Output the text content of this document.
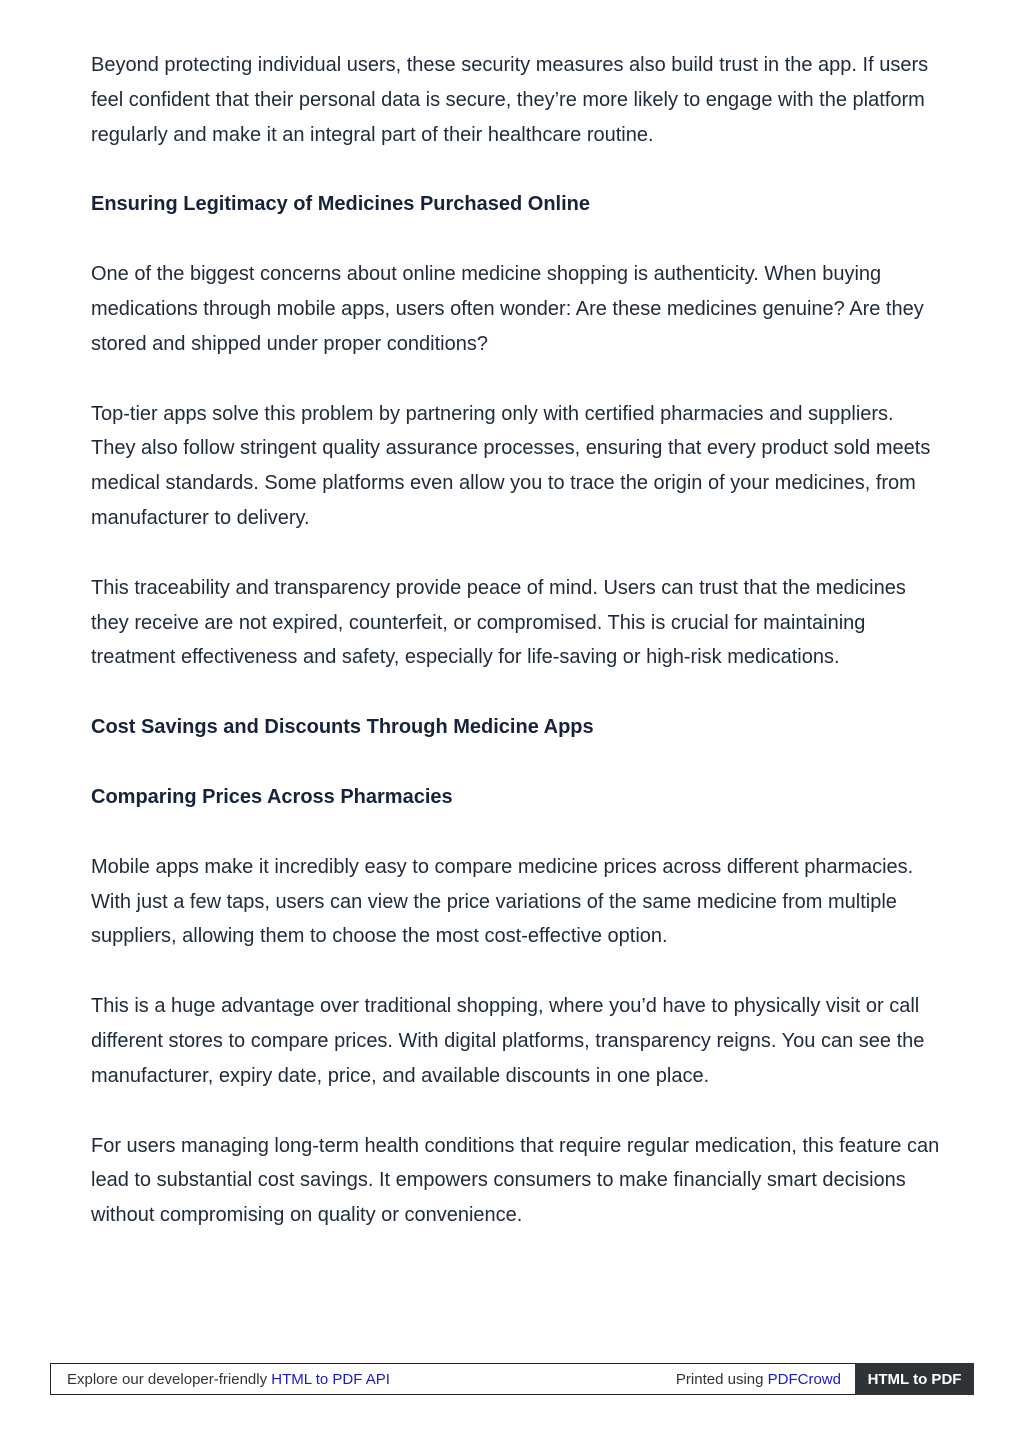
Beyond protecting individual users, these security measures also build trust in the app. If users feel confident that their personal data is secure, they’re more likely to engage with the platform regularly and make it an integral part of their healthcare routine.

Ensuring Legitimacy of Medicines Purchased Online

One of the biggest concerns about online medicine shopping is authenticity. When buying medications through mobile apps, users often wonder: Are these medicines genuine? Are they stored and shipped under proper conditions?

Top-tier apps solve this problem by partnering only with certified pharmacies and suppliers. They also follow stringent quality assurance processes, ensuring that every product sold meets medical standards. Some platforms even allow you to trace the origin of your medicines, from manufacturer to delivery.

This traceability and transparency provide peace of mind. Users can trust that the medicines they receive are not expired, counterfeit, or compromised. This is crucial for maintaining treatment effectiveness and safety, especially for life-saving or high-risk medications.

Cost Savings and Discounts Through Medicine Apps
Comparing Prices Across Pharmacies

Mobile apps make it incredibly easy to compare medicine prices across different pharmacies. With just a few taps, users can view the price variations of the same medicine from multiple suppliers, allowing them to choose the most cost-effective option.

This is a huge advantage over traditional shopping, where you’d have to physically visit or call different stores to compare prices. With digital platforms, transparency reigns. You can see the manufacturer, expiry date, price, and available discounts in one place.

For users managing long-term health conditions that require regular medication, this feature can lead to substantial cost savings. It empowers consumers to make financially smart decisions without compromising on quality or convenience.

Explore our developer-friendly HTML to PDF API	Printed using PDFCrowd	HTML to PDF
